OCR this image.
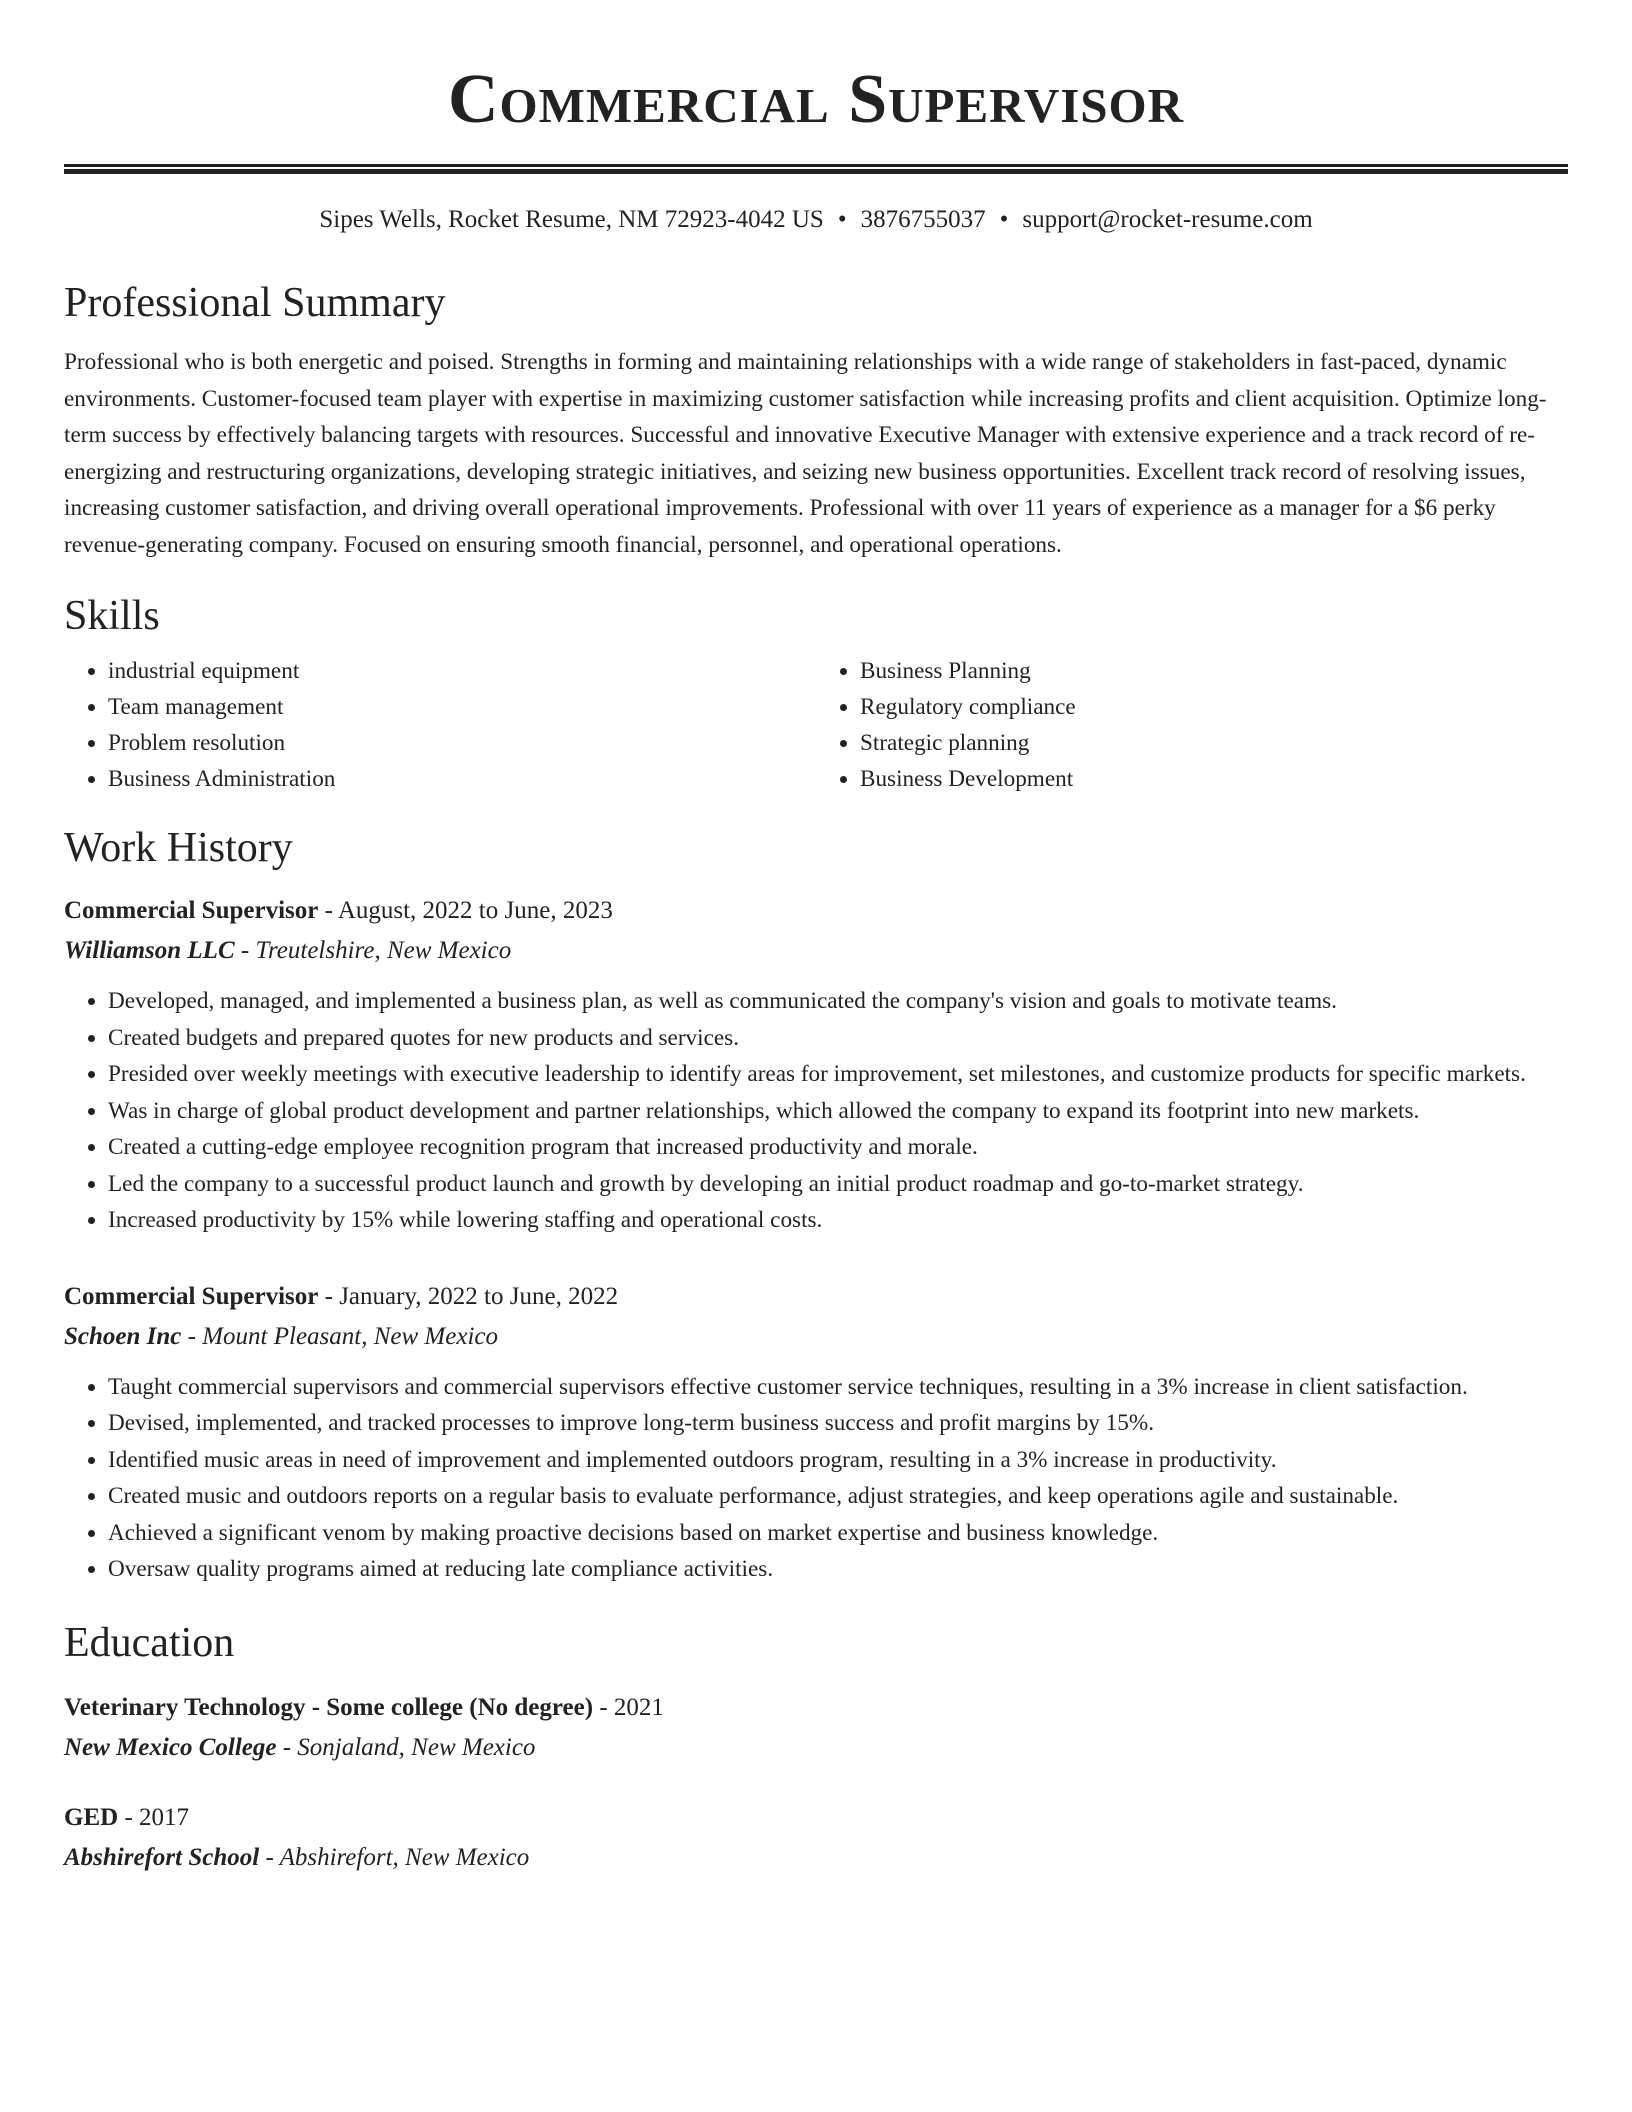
Commercial Supervisor
Sipes Wells, Rocket Resume, NM 72923-4042 US • 3876755037 • support@rocket-resume.com
Professional Summary

Professional who is both energetic and poised. Strengths in forming and maintaining relationships with a wide range of stakeholders in fast-paced, dynamic environments. Customer-focused team player with expertise in maximizing customer satisfaction while increasing profits and client acquisition. Optimize long-term success by effectively balancing targets with resources. Successful and innovative Executive Manager with extensive experience and a track record of re-energizing and restructuring organizations, developing strategic initiatives, and seizing new business opportunities. Excellent track record of resolving issues, increasing customer satisfaction, and driving overall operational improvements. Professional with over 11 years of experience as a manager for a $6 perky revenue-generating company. Focused on ensuring smooth financial, personnel, and operational operations.

Skills
• industrial equipment
• Team management
• Problem resolution
• Business Administration
• Business Planning
• Regulatory compliance
• Strategic planning
• Business Development
Work History
Commercial Supervisor - August, 2022 to June, 2023
Williamson LLC - Treutelshire, New Mexico
• Developed, managed, and implemented a business plan, as well as communicated the company's vision and goals to motivate teams.
• Created budgets and prepared quotes for new products and services.
• Presided over weekly meetings with executive leadership to identify areas for improvement, set milestones, and customize products for specific markets.
• Was in charge of global product development and partner relationships, which allowed the company to expand its footprint into new markets.
• Created a cutting-edge employee recognition program that increased productivity and morale.
• Led the company to a successful product launch and growth by developing an initial product roadmap and go-to-market strategy.
• Increased productivity by 15% while lowering staffing and operational costs.
Commercial Supervisor - January, 2022 to June, 2022
Schoen Inc - Mount Pleasant, New Mexico
• Taught commercial supervisors and commercial supervisors effective customer service techniques, resulting in a 3% increase in client satisfaction.
• Devised, implemented, and tracked processes to improve long-term business success and profit margins by 15%.
• Identified music areas in need of improvement and implemented outdoors program, resulting in a 3% increase in productivity.
• Created music and outdoors reports on a regular basis to evaluate performance, adjust strategies, and keep operations agile and sustainable.
• Achieved a significant venom by making proactive decisions based on market expertise and business knowledge.
• Oversaw quality programs aimed at reducing late compliance activities.
Education
Veterinary Technology - Some college (No degree) - 2021
New Mexico College - Sonjaland, New Mexico
GED - 2017
Abshirefort School - Abshirefort, New Mexico
